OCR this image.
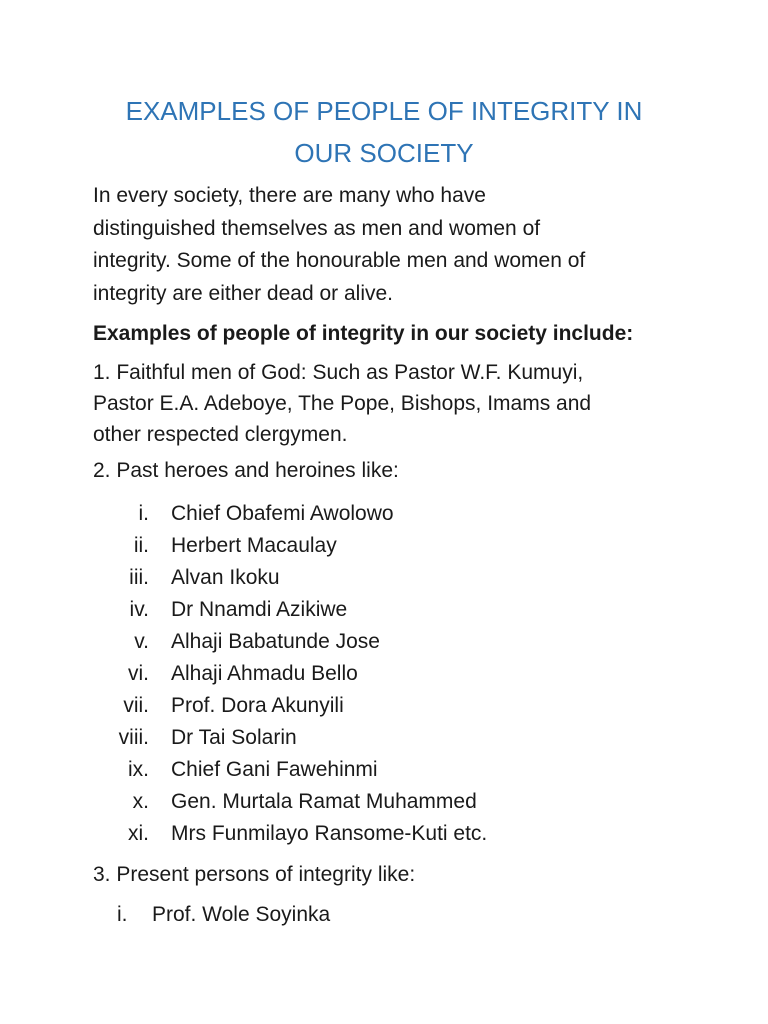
EXAMPLES OF PEOPLE OF INTEGRITY IN
OUR SOCIETY

In every society, there are many who have
distinguished themselves as men and women of
integrity. Some of the honourable men and women of
integrity are either dead or alive.

Examples of people of integrity in our society include:

1. Faithful men of God: Such as Pastor W.F. Kumuyi,
Pastor E.A. Adeboye, The Pope, Bishops, Imams and
other respected clergymen.

2. Past heroes and heroines like:

i. Chief Obafemi Awolowo
ii. Herbert Macaulay
iii. Alvan Ikoku
iv. Dr Nnamdi Azikiwe
v. Alhaji Babatunde Jose
vi. Alhaji Ahmadu Bello
vii. Prof. Dora Akunyili
viii. Dr Tai Solarin
ix. Chief Gani Fawehinmi
x. Gen. Murtala Ramat Muhammed
xi. Mrs Funmilayo Ransome-Kuti etc.

3. Present persons of integrity like:

i. Prof. Wole Soyinka
